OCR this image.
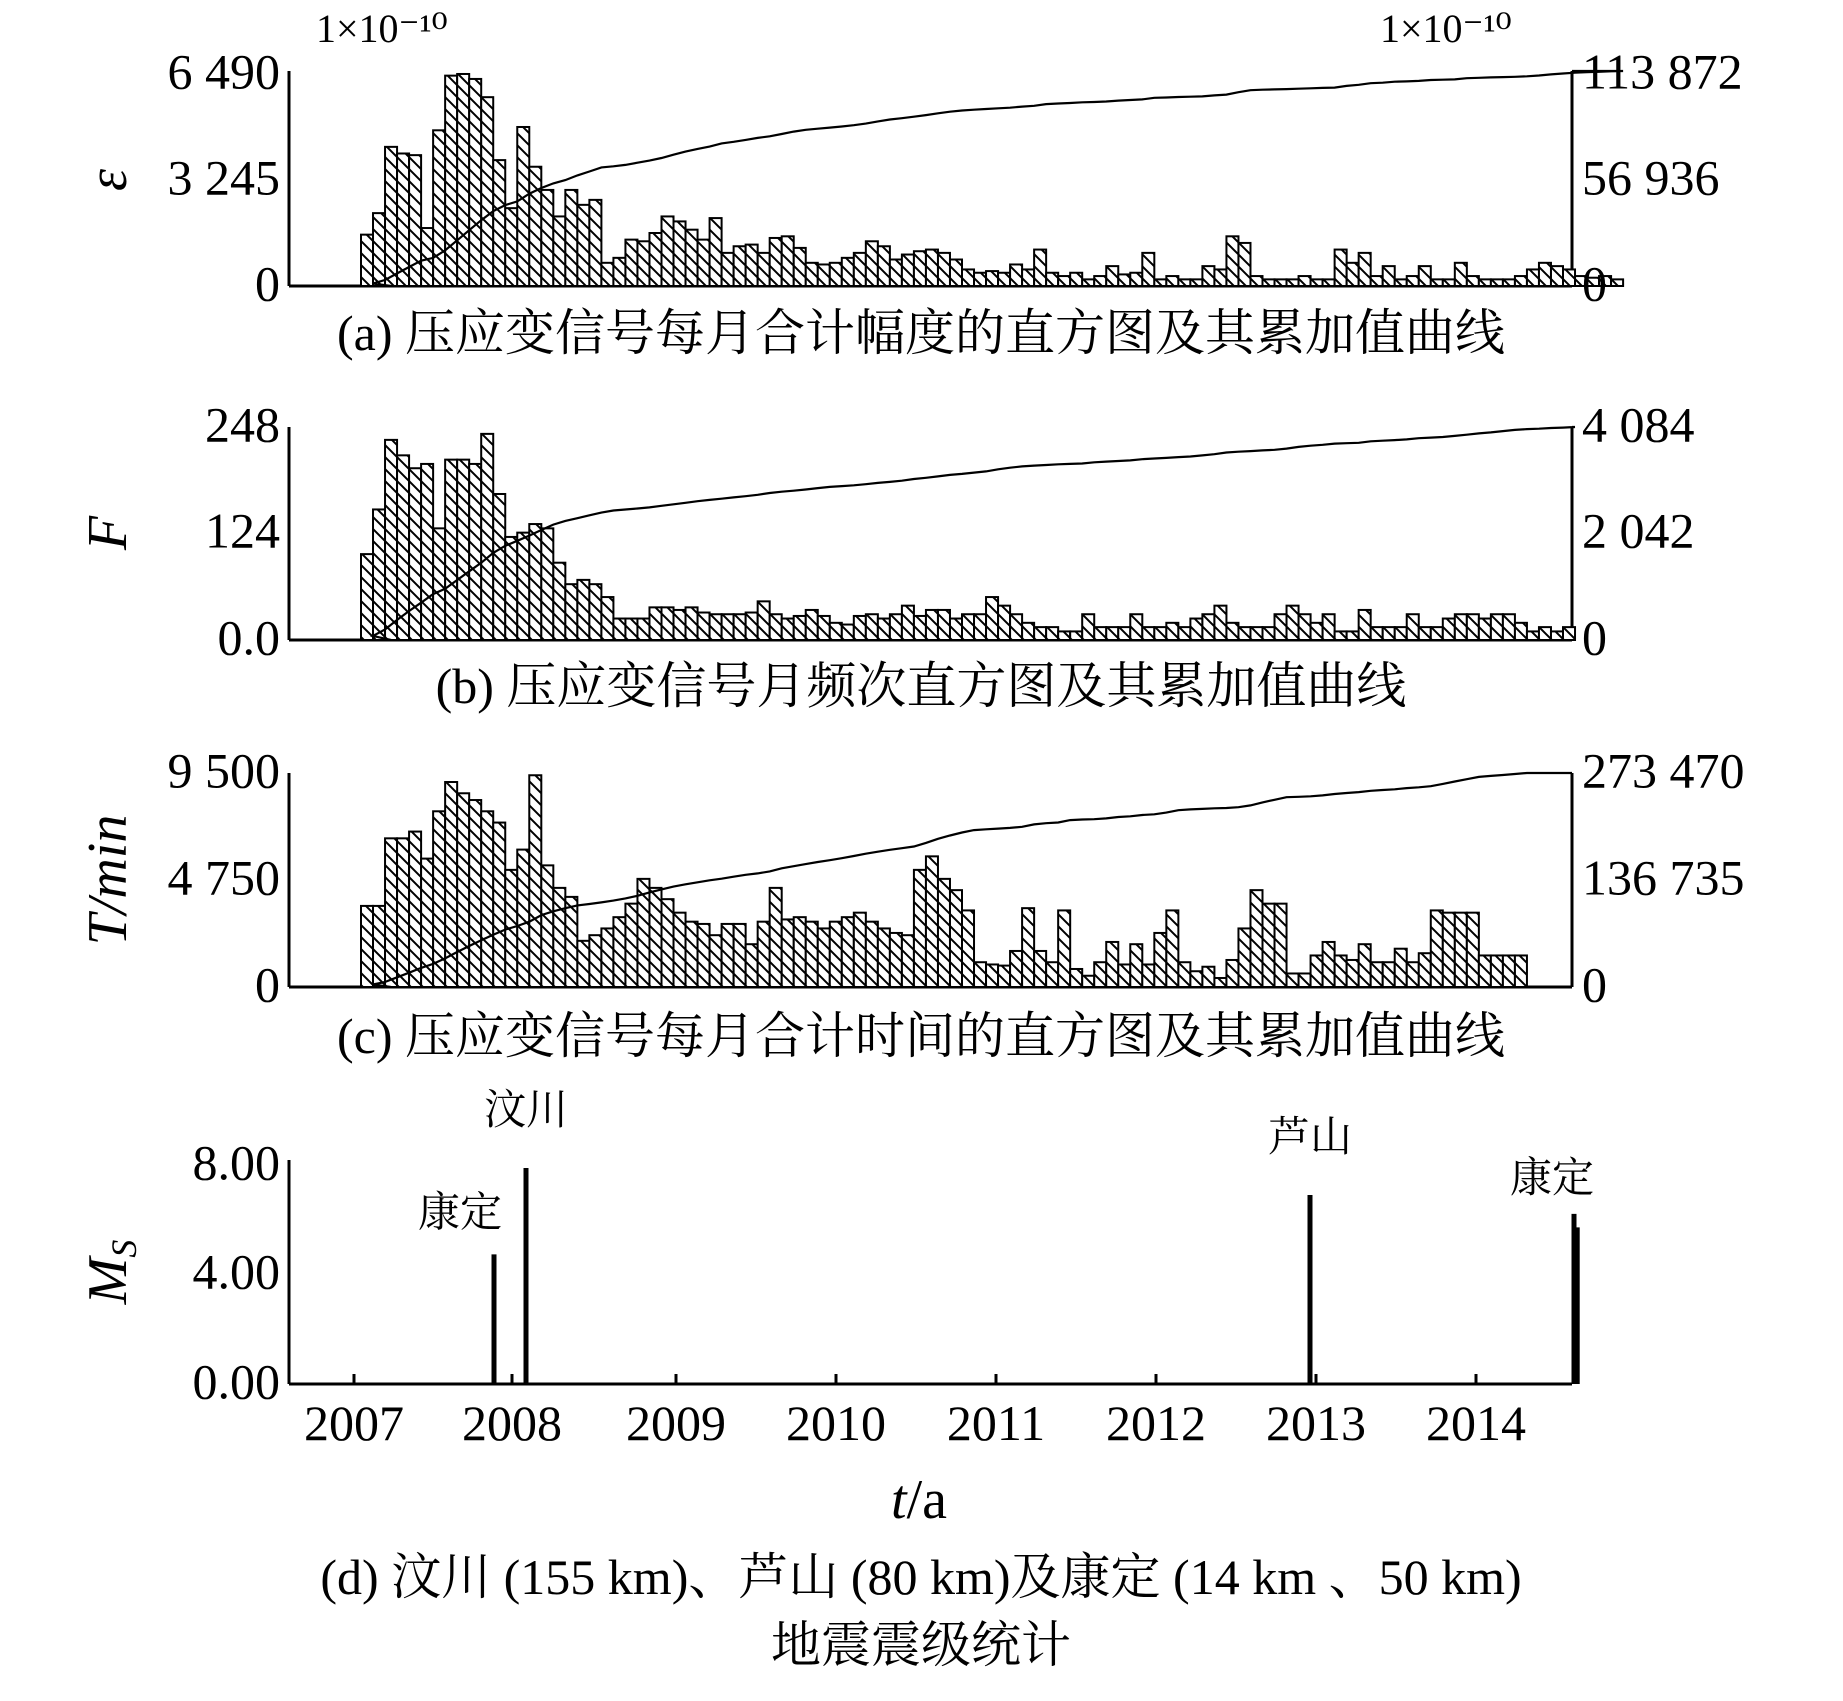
0
3 245
6 490
0
56 936
113 872
1×10⁻¹⁰	1×10⁻¹⁰
ε
(a) 压应变信号每月合计幅度的直方图及其累加值曲线
0.0
124
248
0
2 042
4 084
F
(b) 压应变信号月频次直方图及其累加值曲线
0
4 750
9 500
0
136 735
273 470
T/min
(c) 压应变信号每月合计时间的直方图及其累加值曲线
2007 2008 2009 2010 2011 2012 2013 2014
康定
汶川
芦山
康定
0.00
4.00
8.00
MS
t/a
(d) 汶川 (155 km)、芦山 (80 km)及康定 (14 km 、50 km)
地震震级统计
